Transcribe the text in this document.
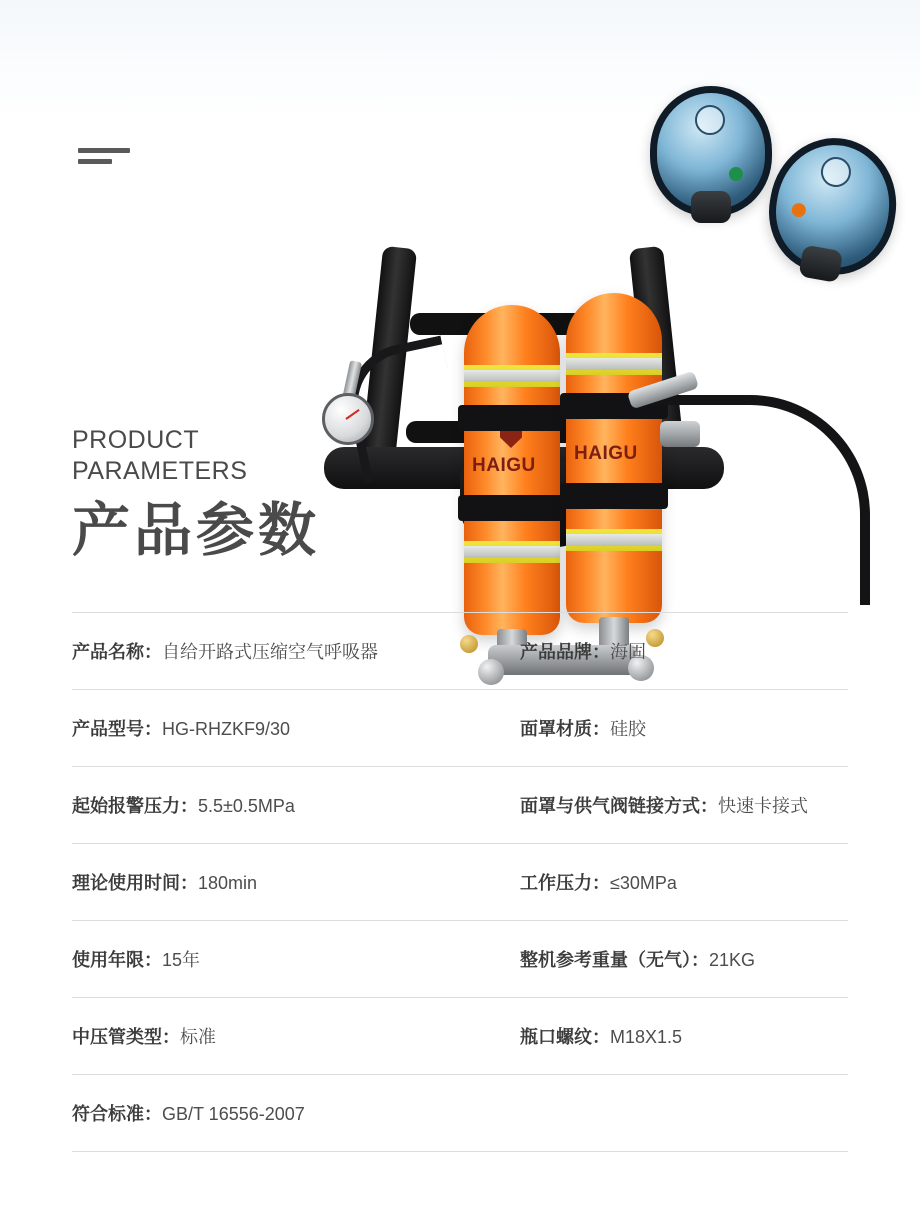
HAIGU
HAIGU
PRODUCT
PARAMETERS
产品参数
产品名称： 自给开路式压缩空气呼吸器	产品品牌： 海固
产品型号： HG-RHZKF9/30	面罩材质： 硅胶
起始报警压力： 5.5±0.5MPa	面罩与供气阀链接方式： 快速卡接式
理论使用时间： 180min	工作压力： ≤30MPa
使用年限： 15年	整机参考重量（无气）： 21KG
中压管类型： 标准	瓶口螺纹： M18X1.5
符合标准： GB/T 16556-2007
